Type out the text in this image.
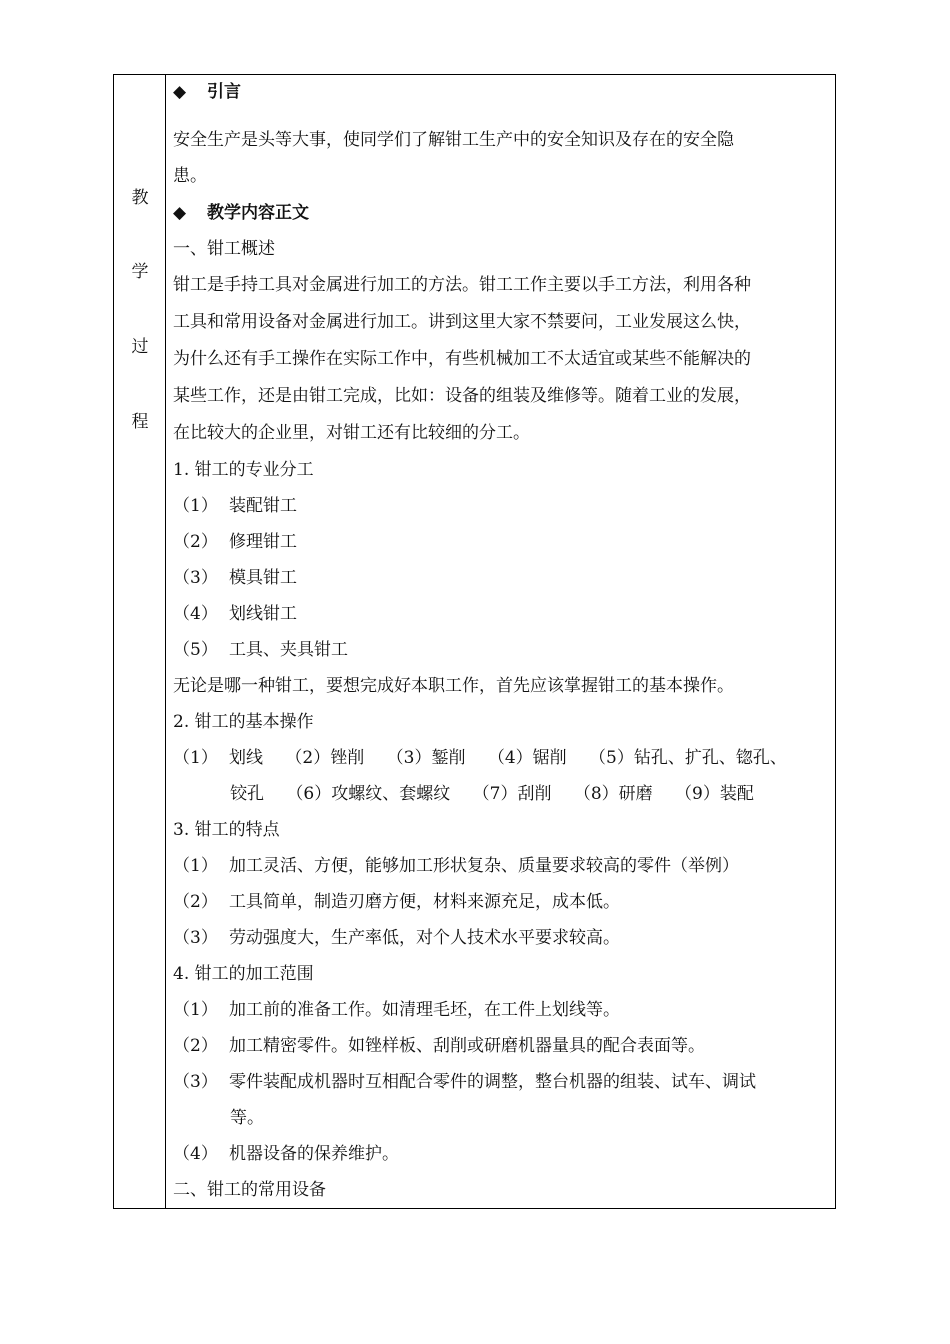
教
学
过
程
◆ 引言
安全生产是头等大事，使同学们了解钳工生产中的安全知识及存在的安全隐
患。
◆ 教学内容正文
一、钳工概述
钳工是手持工具对金属进行加工的方法。钳工工作主要以手工方法，利用各种
工具和常用设备对金属进行加工。讲到这里大家不禁要问，工业发展这么快，
为什么还有手工操作在实际工作中，有些机械加工不太适宜或某些不能解决的
某些工作，还是由钳工完成，比如：设备的组装及维修等。随着工业的发展，
在比较大的企业里，对钳工还有比较细的分工。
1. 钳工的专业分工
（1） 装配钳工
（2） 修理钳工
（3） 模具钳工
（4） 划线钳工
（5） 工具、夹具钳工
无论是哪一种钳工，要想完成好本职工作，首先应该掌握钳工的基本操作。
2. 钳工的基本操作
（1） 划线　 （2）锉削　 （3）錾削　 （4）锯削　 （5）钻孔、扩孔、锪孔、
铰孔　 （6）攻螺纹、套螺纹　 （7）刮削　 （8）研磨　 （9）装配
3. 钳工的特点
（1） 加工灵活、方便，能够加工形状复杂、质量要求较高的零件（举例）
（2） 工具简单，制造刃磨方便，材料来源充足，成本低。
（3） 劳动强度大，生产率低，对个人技术水平要求较高。
4. 钳工的加工范围
（1） 加工前的准备工作。如清理毛坯，在工件上划线等。
（2） 加工精密零件。如锉样板、刮削或研磨机器量具的配合表面等。
（3） 零件装配成机器时互相配合零件的调整，整台机器的组装、试车、调试
等。
（4） 机器设备的保养维护。
二、钳工的常用设备
